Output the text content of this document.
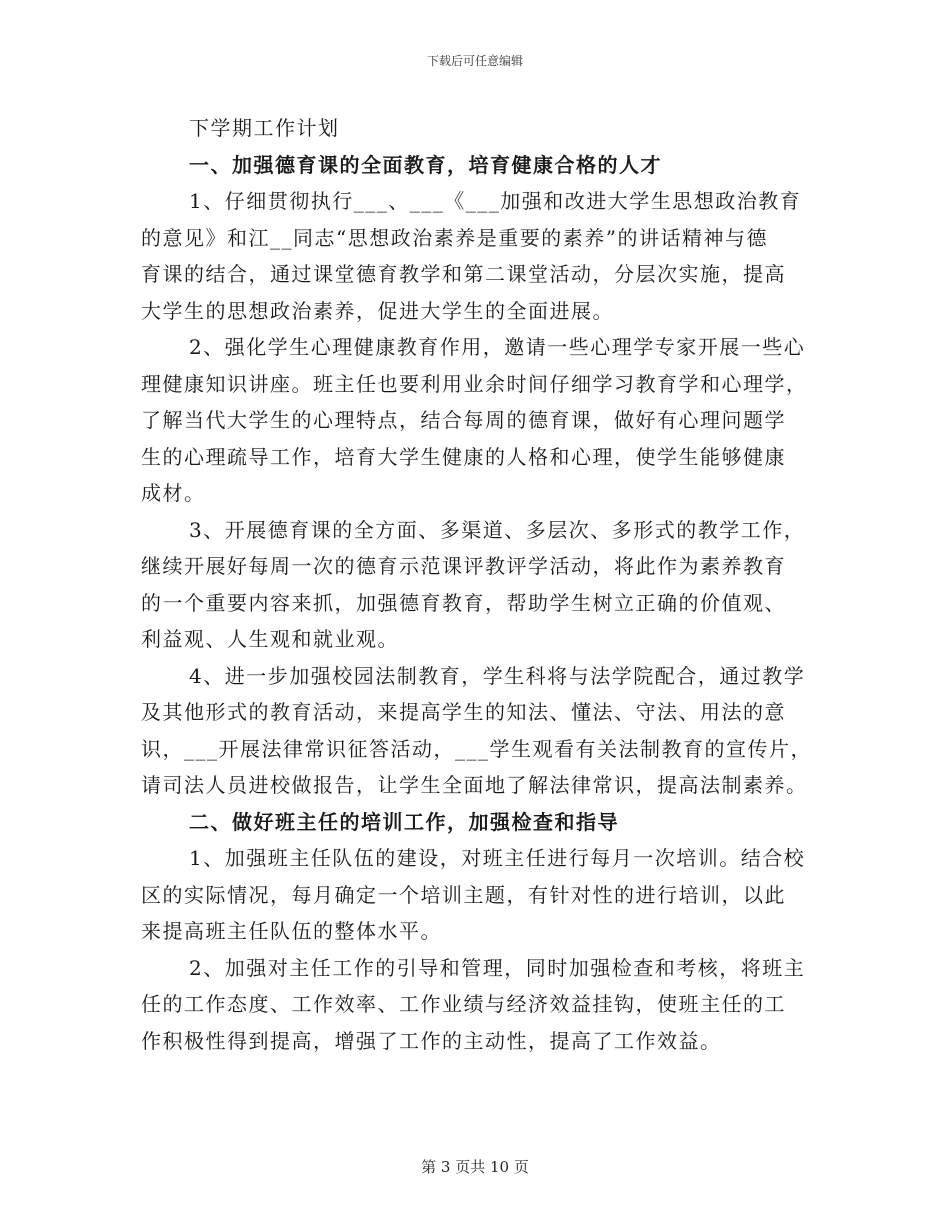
下载后可任意编辑
下学期工作计划
一、加强德育课的全面教育，培育健康合格的人才
1、仔细贯彻执行___、___《___加强和改进大学生思想政治教育
的意见》和江__同志“思想政治素养是重要的素养”的讲话精神与德
育课的结合，通过课堂德育教学和第二课堂活动，分层次实施，提高
大学生的思想政治素养，促进大学生的全面进展。
2、强化学生心理健康教育作用，邀请一些心理学专家开展一些心
理健康知识讲座。班主任也要利用业余时间仔细学习教育学和心理学，
了解当代大学生的心理特点，结合每周的德育课，做好有心理问题学
生的心理疏导工作，培育大学生健康的人格和心理，使学生能够健康
成材。
3、开展德育课的全方面、多渠道、多层次、多形式的教学工作，
继续开展好每周一次的德育示范课评教评学活动，将此作为素养教育
的一个重要内容来抓，加强德育教育，帮助学生树立正确的价值观、
利益观、人生观和就业观。
4、进一步加强校园法制教育，学生科将与法学院配合，通过教学
及其他形式的教育活动，来提高学生的知法、懂法、守法、用法的意
识，___开展法律常识征答活动，___学生观看有关法制教育的宣传片，
请司法人员进校做报告，让学生全面地了解法律常识，提高法制素养。
二、做好班主任的培训工作，加强检查和指导
1、加强班主任队伍的建设，对班主任进行每月一次培训。结合校
区的实际情况，每月确定一个培训主题，有针对性的进行培训，以此
来提高班主任队伍的整体水平。
2、加强对主任工作的引导和管理，同时加强检查和考核，将班主
任的工作态度、工作效率、工作业绩与经济效益挂钩，使班主任的工
作积极性得到提高，增强了工作的主动性，提高了工作效益。
第 3 页共 10 页
